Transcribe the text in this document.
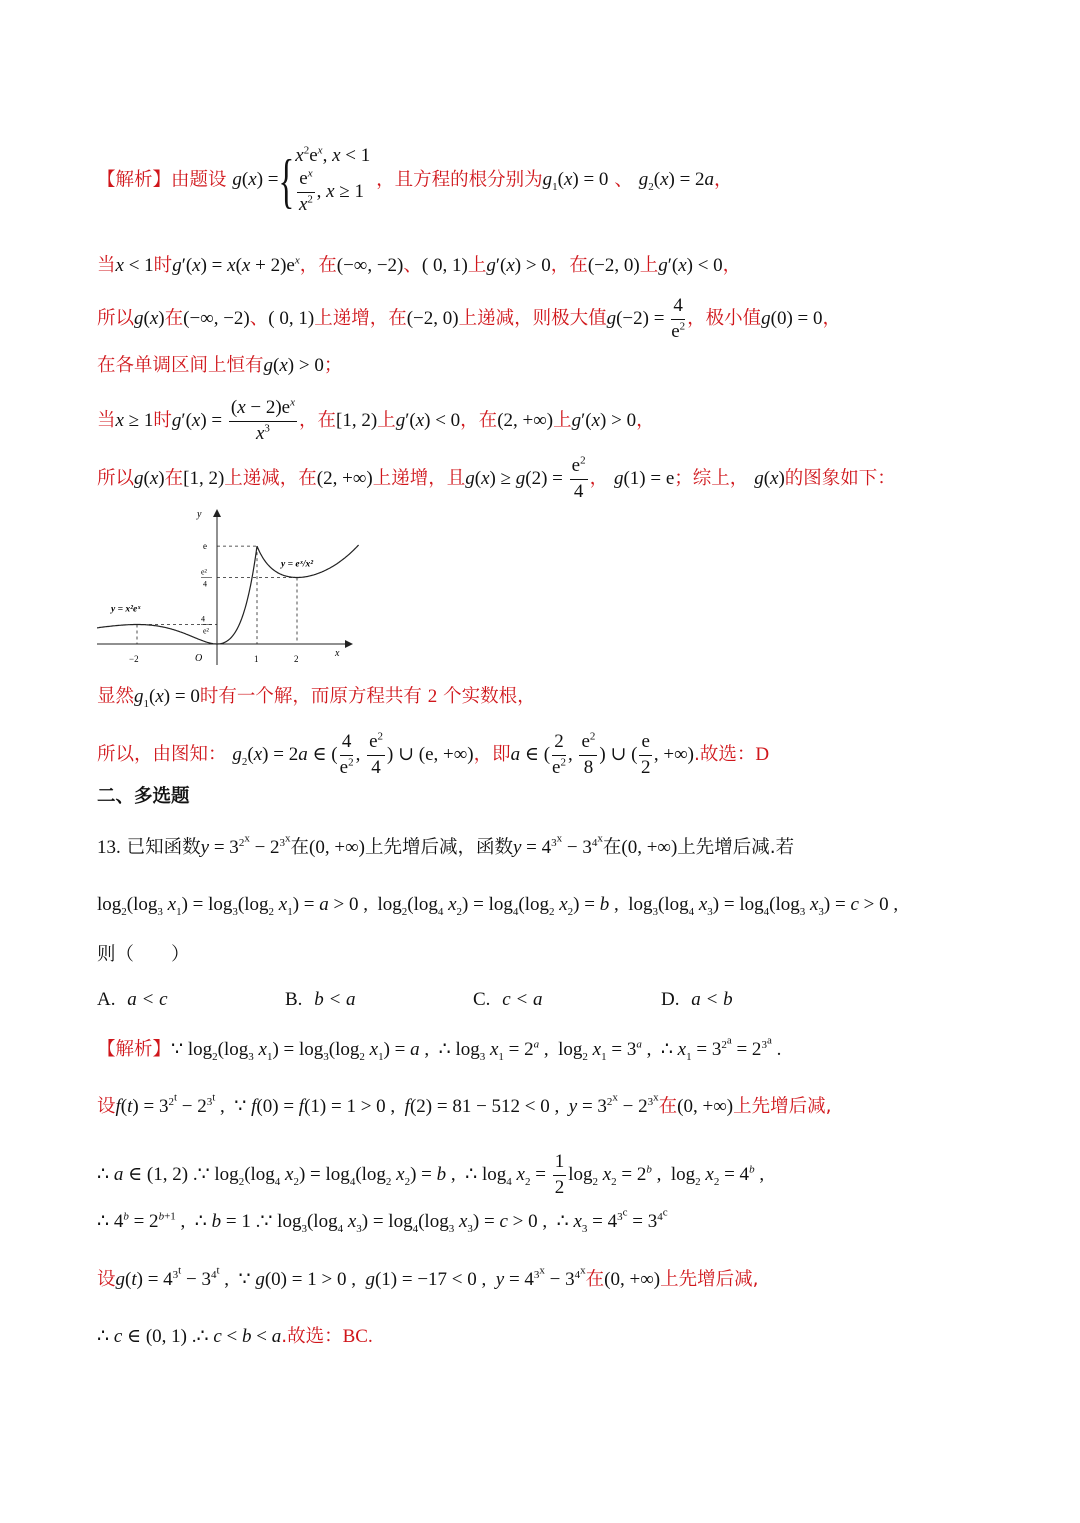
【解析】由题设 g(x) ={ $x^2e^x$, x < 1
$\frac{e^x}{x^2}$ , x ≥ 1
，且方程的根分别为$g_1(x) = 0$ 、 $g_2(x) = 2a$，
当x < 1时$g'(x) = x(x + 2)e^x$，在(−∞, −2)、( 0, 1)上g′(x) > 0，在(−2, 0)上g′(x) < 0，
所以g(x)在(−∞, −2)、( 0, 1)上递增，在(−2, 0)上递减，则极大值$g(-2) = \frac{4}{e^2}$ ，极小值g(0) = 0，
在各单调区间上恒有g(x) > 0；
当x ≥ 1时$g'(x) = \frac{(x - 2)e^x}{x^3}$ ，在[1, 2)上g′(x) < 0，在(2, +∞)上g′(x) > 0，
所以g(x)在[1, 2)上递减，在(2, +∞)上递增，且$g(x) \ge g(2) = \frac{e^2}{4}$ ， g(1) = e；综上， g(x)的图象如下：
x
y
O
−2	1	2
e
e²
4
4
e²
y = x²eˣ
y = eˣ/x²
显然$g_1(x) = 0$时有一个解，而原方程共有 2 个实数根，
所以，由图知： $g_2(x) = 2a$ ∈ ( $\frac{4}{e^2}$ , $\frac{e^2}{4}$ ) ∪ (e, +∞)，即a ∈ ( $\frac{2}{e^2}$ , $\frac{e^2}{8}$ ) ∪ ( $\frac{e}{2}$ , +∞).故选：D
二、多选题
13. 已知函数$y = 3^{2^x} - 2^{3^x}$在(0, +∞)上先增后减，函数$y = 4^{3^x} - 3^{4^x}$在(0, +∞)上先增后减.若
$\log_2(\log_3$ $x_1) = \log_3(\log_2$ $x_1) = a > 0$ ,  $\log_2(\log_4$ $x_2) = \log_4(\log_2$ $x_2) = b$ ,  $\log_3(\log_4$ $x_3) = \log_4(\log_3$ $x_3) = c > 0$ ,
则（　　）
A. a < c	B. b < a	C. c < a	D. a < b
【解析】∵ $\log_2(\log_3$ $x_1) = \log_3(\log_2$ $x_1) = a$ ,  ∴ $\log_3 x_1 = 2^a$ ,  $\log_2 x_1 = 3^a$ ,  ∴ $x_1 = 3^{2^a} = 2^{3^a}$ .
设$f(t) = 3^{2^t} - 2^{3^t}$ ,  ∵ f(0) = f(1) = 1 > 0 ,  f(2) = 81 − 512 < 0 ,  $y = 3^{2^x} - 2^{3^x}$在(0, +∞)上先增后减,
∴ a ∈ (1, 2) .∵ $\log_2(\log_4$ $x_2) = \log_4(\log_2$ $x_2) = b$ ,  ∴ $\log_4 x_2 = \frac{1}{2} \log_2 x_2 = 2^b$ ,  $\log_2 x_2 = 4^b$ ,
∴ $4^b = 2^{b+1}$ ,  ∴ b = 1 .∵ $\log_3(\log_4$ $x_3) = \log_4(\log_3$ $x_3) = c > 0$ ,  ∴ $x_3 = 4^{3^c} = 3^{4^c}$
设$g(t) = 4^{3^t} - 3^{4^t}$ ,  ∵ g(0) = 1 > 0 ,  g(1) = −17 < 0 ,  $y = 4^{3^x} - 3^{4^x}$在(0, +∞)上先增后减,
∴ c ∈ (0, 1) .∴ c < b < a.故选：BC.
